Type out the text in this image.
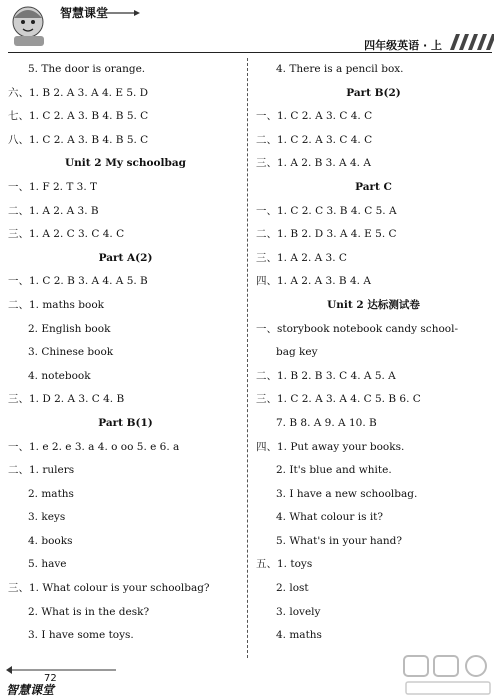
智慧课堂
四年级英语 · 上
5. The door is orange.
六、1. B 2. A 3. A 4. E 5. D
七、1. C 2. A 3. B 4. B 5. C
八、1. C 2. A 3. B 4. B 5. C
Unit 2 My schoolbag
一、1. F 2. T 3. T
二、1. A 2. A 3. B
三、1. A 2. C 3. C 4. C
Part A(2)
一、1. C 2. B 3. A 4. A 5. B
二、1. maths book
2. English book
3. Chinese book
4. notebook
三、1. D 2. A 3. C 4. B
Part B(1)
一、1. e 2. e 3. a 4. o oo 5. e 6. a
二、1. rulers
2. maths
3. keys
4. books
5. have
三、1. What colour is your schoolbag?
2. What is in the desk?
3. I have some toys.
4. There is a pencil box.
Part B(2)
一、1. C 2. A 3. C 4. C
二、1. C 2. A 3. C 4. C
三、1. A 2. B 3. A 4. A
Part C
一、1. C 2. C 3. B 4. C 5. A
二、1. B 2. D 3. A 4. E 5. C
三、1. A 2. A 3. C
四、1. A 2. A 3. B 4. A
Unit 2 达标测试卷
一、storybook notebook candy school-
bag key
二、1. B 2. B 3. C 4. A 5. A
三、1. C 2. A 3. A 4. C 5. B 6. C
7. B 8. A 9. A 10. B
四、1. Put away your books.
2. It's blue and white.
3. I have a new schoolbag.
4. What colour is it?
5. What's in your hand?
五、1. toys
2. lost
3. lovely
4. maths
72
智慧课堂
